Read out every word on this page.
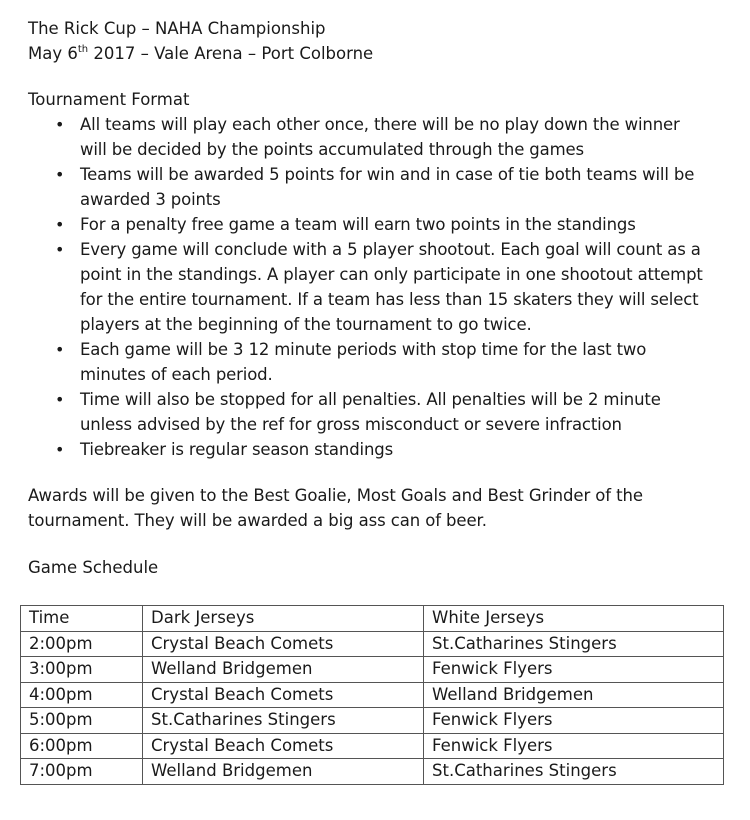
The Rick Cup – NAHA Championship
May 6th 2017 – Vale Arena – Port Colborne
Tournament Format
• All teams will play each other once, there will be no play down the winner will be decided by the points accumulated through the games
• Teams will be awarded 5 points for win and in case of tie both teams will be awarded 3 points
• For a penalty free game a team will earn two points in the standings
• Every game will conclude with a 5 player shootout. Each goal will count as a point in the standings. A player can only participate in one shootout attempt for the entire tournament. If a team has less than 15 skaters they will select players at the beginning of the tournament to go twice.
• Each game will be 3 12 minute periods with stop time for the last two minutes of each period.
• Time will also be stopped for all penalties. All penalties will be 2 minute unless advised by the ref for gross misconduct or severe infraction
• Tiebreaker is regular season standings
Awards will be given to the Best Goalie, Most Goals and Best Grinder of the tournament. They will be awarded a big ass can of beer.
Game Schedule
Time	Dark Jerseys	White Jerseys
2:00pm	Crystal Beach Comets	St.Catharines Stingers
3:00pm	Welland Bridgemen	Fenwick Flyers
4:00pm	Crystal Beach Comets	Welland Bridgemen
5:00pm	St.Catharines Stingers	Fenwick Flyers
6:00pm	Crystal Beach Comets	Fenwick Flyers
7:00pm	Welland Bridgemen	St.Catharines Stingers
